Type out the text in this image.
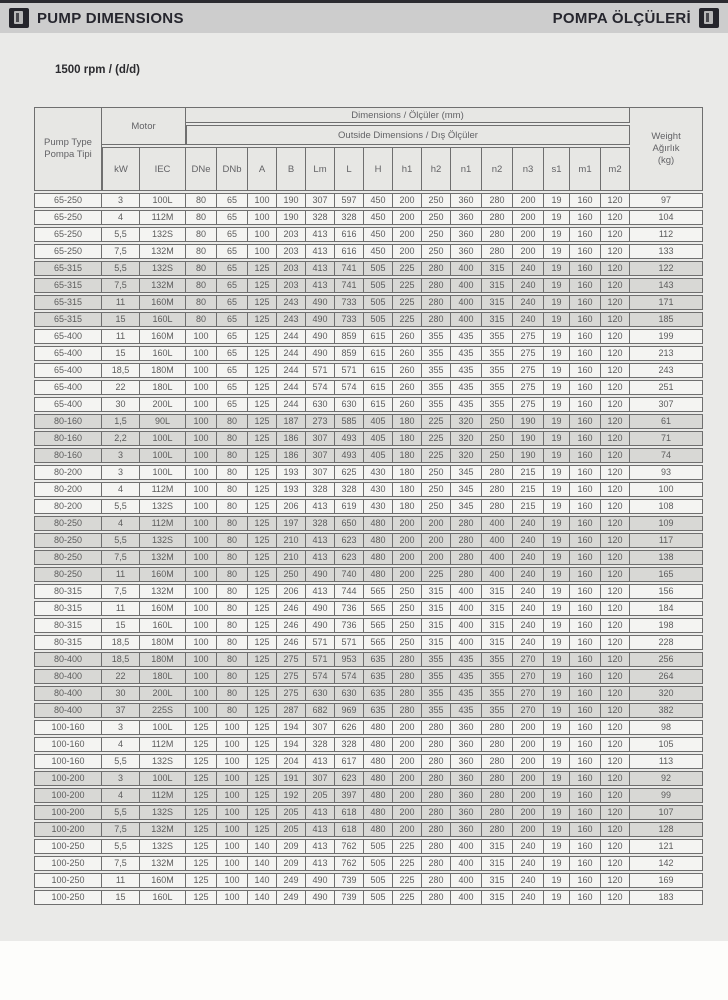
PUMP DIMENSIONS	POMPA ÖLÇÜLERİ
1500 rpm / (d/d)
Pump Type
Pompa Tipi	Motor		Dimensions / Ölçüler (mm)															Weight
Ağırlık
(kg)
			Outside Dimensions / Dış Ölçüler															
	kW	IEC	DNe	DNb	A	B	Lm	L	H	h1	h2	n1	n2	n3	s1	m1	m2	
65-250	3	100L	80	65	100	190	307	597	450	200	250	360	280	200	19	160	120	97
65-250	4	112M	80	65	100	190	328	328	450	200	250	360	280	200	19	160	120	104
65-250	5,5	132S	80	65	100	203	413	616	450	200	250	360	280	200	19	160	120	112
65-250	7,5	132M	80	65	100	203	413	616	450	200	250	360	280	200	19	160	120	133
65-315	5,5	132S	80	65	125	203	413	741	505	225	280	400	315	240	19	160	120	122
65-315	7,5	132M	80	65	125	203	413	741	505	225	280	400	315	240	19	160	120	143
65-315	11	160M	80	65	125	243	490	733	505	225	280	400	315	240	19	160	120	171
65-315	15	160L	80	65	125	243	490	733	505	225	280	400	315	240	19	160	120	185
65-400	11	160M	100	65	125	244	490	859	615	260	355	435	355	275	19	160	120	199
65-400	15	160L	100	65	125	244	490	859	615	260	355	435	355	275	19	160	120	213
65-400	18,5	180M	100	65	125	244	571	571	615	260	355	435	355	275	19	160	120	243
65-400	22	180L	100	65	125	244	574	574	615	260	355	435	355	275	19	160	120	251
65-400	30	200L	100	65	125	244	630	630	615	260	355	435	355	275	19	160	120	307
80-160	1,5	90L	100	80	125	187	273	585	405	180	225	320	250	190	19	160	120	61
80-160	2,2	100L	100	80	125	186	307	493	405	180	225	320	250	190	19	160	120	71
80-160	3	100L	100	80	125	186	307	493	405	180	225	320	250	190	19	160	120	74
80-200	3	100L	100	80	125	193	307	625	430	180	250	345	280	215	19	160	120	93
80-200	4	112M	100	80	125	193	328	328	430	180	250	345	280	215	19	160	120	100
80-200	5,5	132S	100	80	125	206	413	619	430	180	250	345	280	215	19	160	120	108
80-250	4	112M	100	80	125	197	328	650	480	200	200	280	400	240	19	160	120	109
80-250	5,5	132S	100	80	125	210	413	623	480	200	200	280	400	240	19	160	120	117
80-250	7,5	132M	100	80	125	210	413	623	480	200	200	280	400	240	19	160	120	138
80-250	11	160M	100	80	125	250	490	740	480	200	225	280	400	240	19	160	120	165
80-315	7,5	132M	100	80	125	206	413	744	565	250	315	400	315	240	19	160	120	156
80-315	11	160M	100	80	125	246	490	736	565	250	315	400	315	240	19	160	120	184
80-315	15	160L	100	80	125	246	490	736	565	250	315	400	315	240	19	160	120	198
80-315	18,5	180M	100	80	125	246	571	571	565	250	315	400	315	240	19	160	120	228
80-400	18,5	180M	100	80	125	275	571	953	635	280	355	435	355	270	19	160	120	256
80-400	22	180L	100	80	125	275	574	574	635	280	355	435	355	270	19	160	120	264
80-400	30	200L	100	80	125	275	630	630	635	280	355	435	355	270	19	160	120	320
80-400	37	225S	100	80	125	287	682	969	635	280	355	435	355	270	19	160	120	382
100-160	3	100L	125	100	125	194	307	626	480	200	280	360	280	200	19	160	120	98
100-160	4	112M	125	100	125	194	328	328	480	200	280	360	280	200	19	160	120	105
100-160	5,5	132S	125	100	125	204	413	617	480	200	280	360	280	200	19	160	120	113
100-200	3	100L	125	100	125	191	307	623	480	200	280	360	280	200	19	160	120	92
100-200	4	112M	125	100	125	192	205	397	480	200	280	360	280	200	19	160	120	99
100-200	5,5	132S	125	100	125	205	413	618	480	200	280	360	280	200	19	160	120	107
100-200	7,5	132M	125	100	125	205	413	618	480	200	280	360	280	200	19	160	120	128
100-250	5,5	132S	125	100	140	209	413	762	505	225	280	400	315	240	19	160	120	121
100-250	7,5	132M	125	100	140	209	413	762	505	225	280	400	315	240	19	160	120	142
100-250	11	160M	125	100	140	249	490	739	505	225	280	400	315	240	19	160	120	169
100-250	15	160L	125	100	140	249	490	739	505	225	280	400	315	240	19	160	120	183
